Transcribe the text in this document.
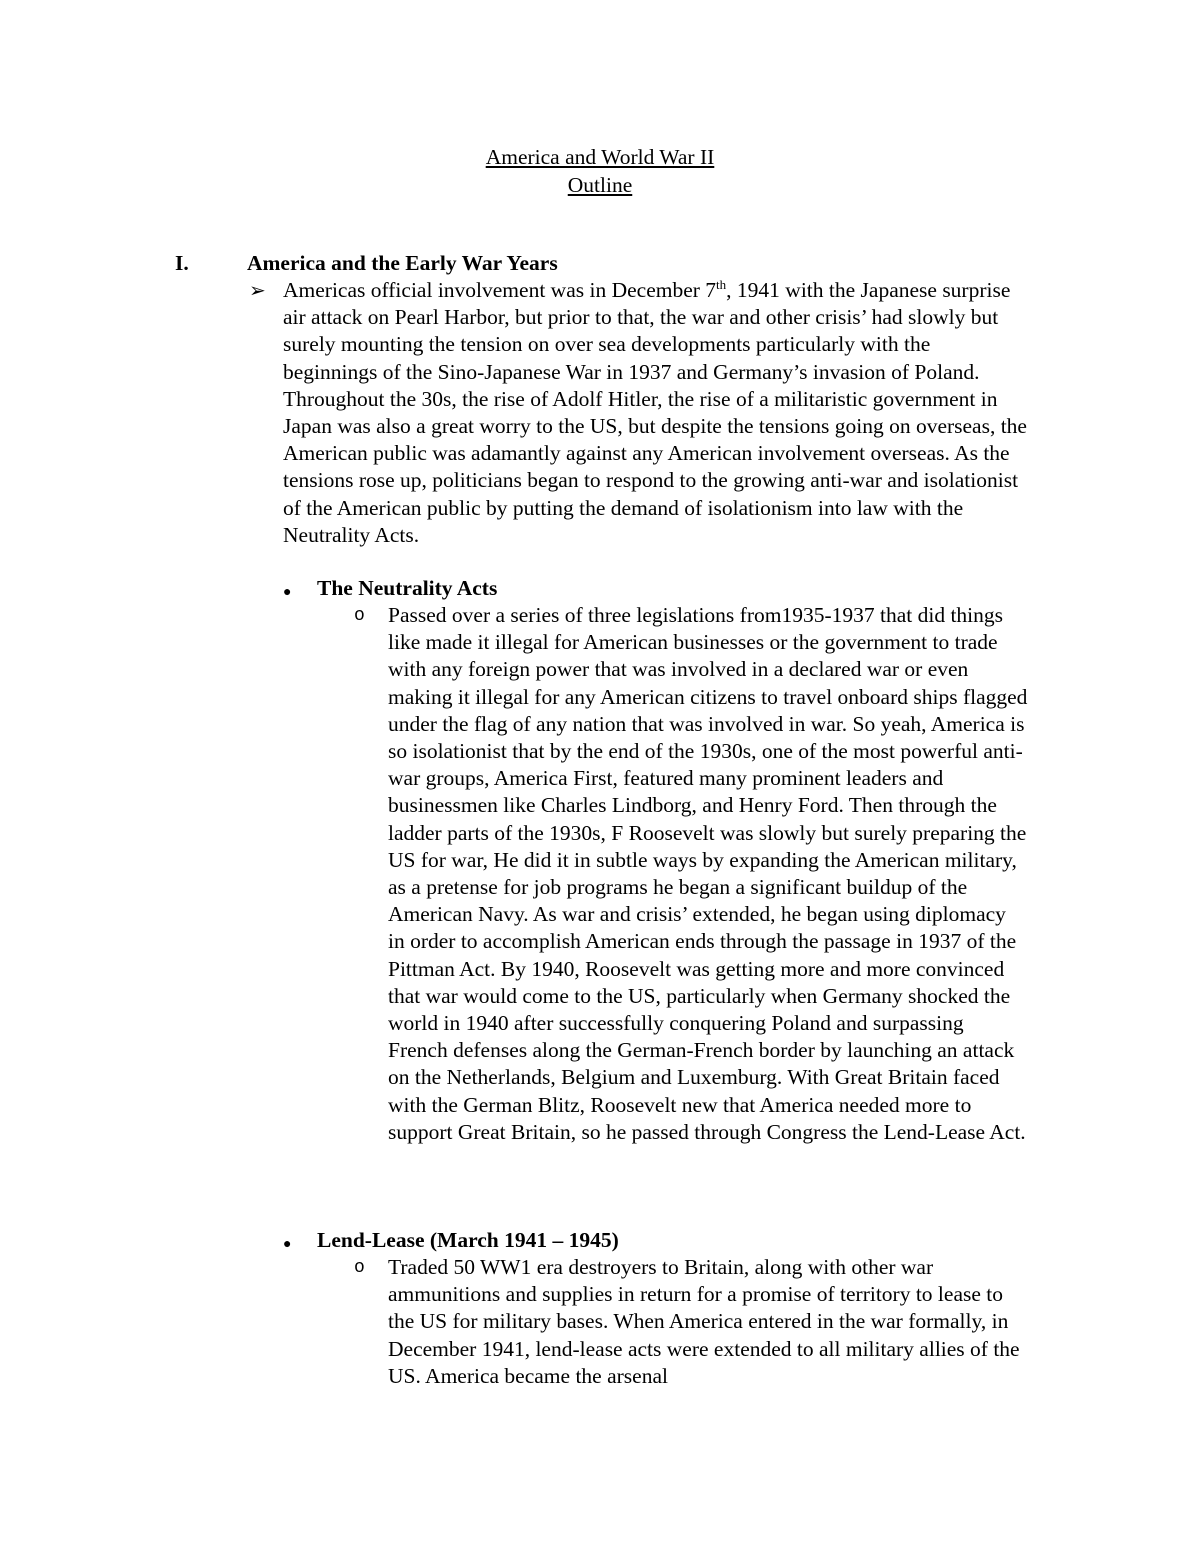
America and World War II
Outline
I.	America and the Early War Years
➢ Americas official involvement was in December 7th, 1941 with the Japanese surprise air attack on Pearl Harbor, but prior to that, the war and other crisis’ had slowly but surely mounting the tension on over sea developments particularly with the beginnings of the Sino-Japanese War in 1937 and Germany’s invasion of Poland. Throughout the 30s, the rise of Adolf Hitler, the rise of a militaristic government in Japan was also a great worry to the US, but despite the tensions going on overseas, the American public was adamantly against any American involvement overseas. As the tensions rose up, politicians began to respond to the growing anti-war and isolationist of the American public by putting the demand of isolationism into law with the Neutrality Acts.
● The Neutrality Acts
o Passed over a series of three legislations from1935-1937 that did things like made it illegal for American businesses or the government to trade with any foreign power that was involved in a declared war or even making it illegal for any American citizens to travel onboard ships flagged under the flag of any nation that was involved in war. So yeah, America is so isolationist that by the end of the 1930s, one of the most powerful anti-war groups, America First, featured many prominent leaders and businessmen like Charles Lindborg, and Henry Ford. Then through the ladder parts of the 1930s, F Roosevelt was slowly but surely preparing the US for war, He did it in subtle ways by expanding the American military, as a pretense for job programs he began a significant buildup of the American Navy. As war and crisis’ extended, he began using diplomacy in order to accomplish American ends through the passage in 1937 of the Pittman Act. By 1940, Roosevelt was getting more and more convinced that war would come to the US, particularly when Germany shocked the world in 1940 after successfully conquering Poland and surpassing French defenses along the German-French border by launching an attack on the Netherlands, Belgium and Luxemburg. With Great Britain faced with the German Blitz, Roosevelt new that America needed more to support Great Britain, so he passed through Congress the Lend-Lease Act.
● Lend-Lease (March 1941 – 1945)
o Traded 50 WW1 era destroyers to Britain, along with other war ammunitions and supplies in return for a promise of territory to lease to the US for military bases. When America entered in the war formally, in December 1941, lend-lease acts were extended to all military allies of the US. America became the arsenal
